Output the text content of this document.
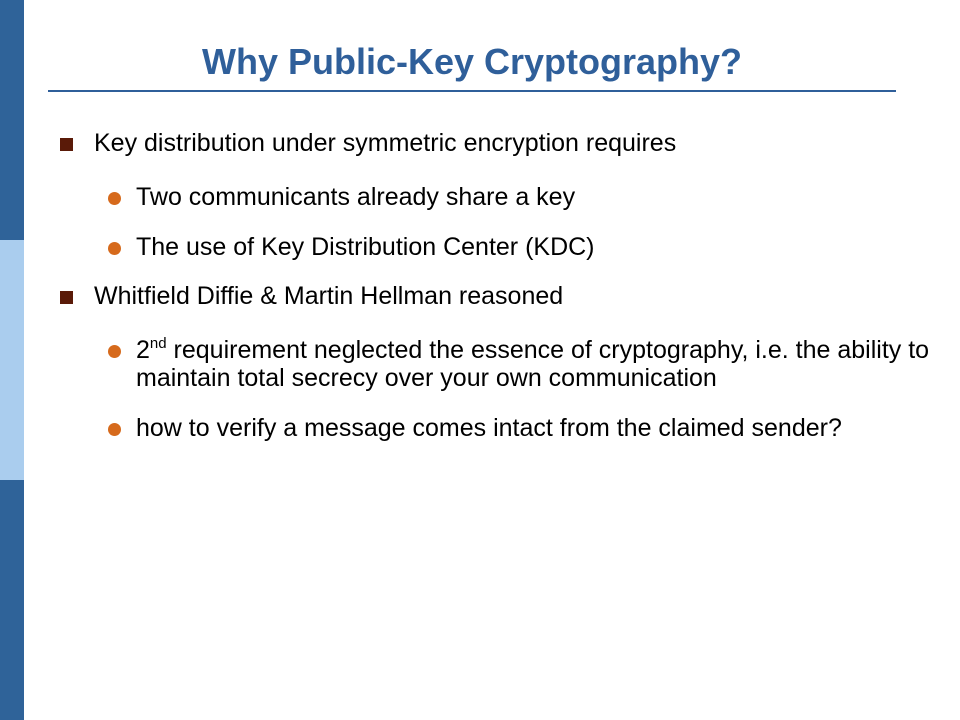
Why Public-Key Cryptography?
Key distribution under symmetric encryption requires
Two communicants already share a key
The use of Key Distribution Center (KDC)
Whitfield Diffie & Martin Hellman reasoned
2nd requirement neglected the essence of cryptography, i.e. the ability to maintain total secrecy over your own communication
how to verify a message comes intact from the claimed sender?
